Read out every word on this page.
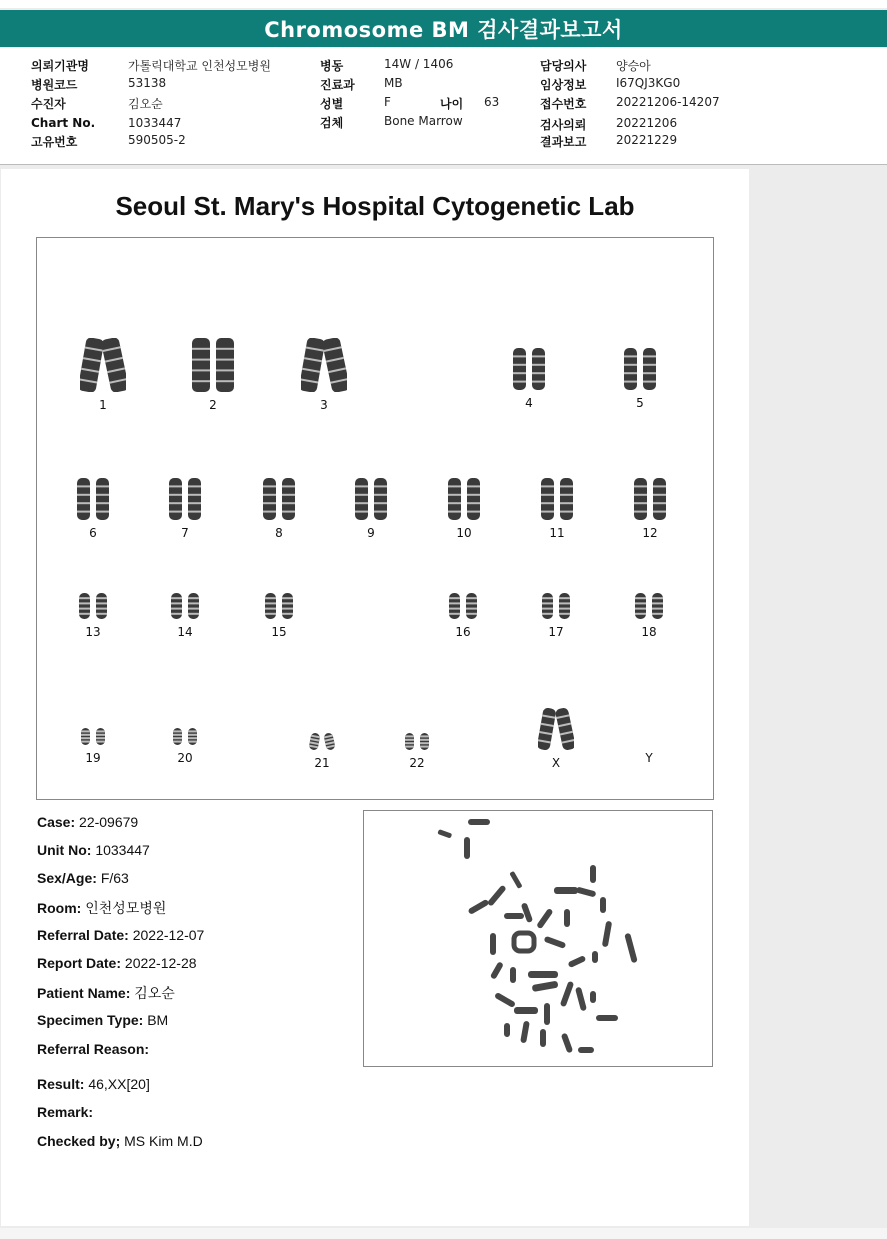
Chromosome BM 검사결과보고서
의뢰기관명	가톨릭대학교 인천성모병원
병원코드	53138
수진자	김오순
Chart No.	1033447
고유번호	590505-2
병동	14W / 1406
진료과 MB
성별	F	나이 63
검체	Bone Marrow
담당의사 양승아
임상정보 I67QJ3KG0
접수번호 20221206-14207
검사의뢰 20221206
결과보고 20221229
Seoul St. Mary's Hospital Cytogenetic Lab
1	2	3	4	5
6	7	8	9	10	11	12
13	14	15	16	17	18
19	20	21	22	X	Y
Case: 22-09679
Unit No: 1033447
Sex/Age: F/63
Room: 인천성모병원
Referral Date: 2022-12-07
Report Date: 2022-12-28
Patient Name: 김오순
Specimen Type: BM
Referral Reason:
Result: 46,XX[20]
Remark:
Checked by; MS Kim M.D
